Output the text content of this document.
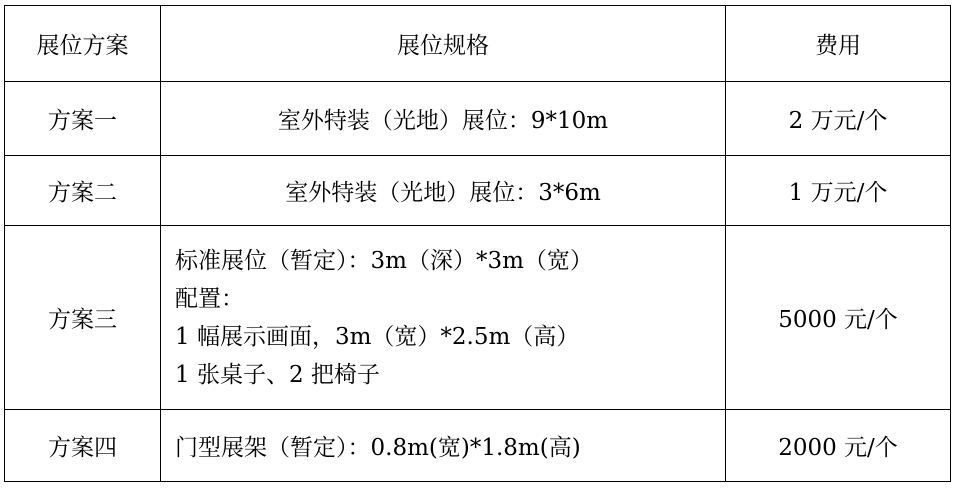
展位方案	展位规格	费用
方案一	室外特装（光地）展位：9*10m	2 万元/个
方案二	室外特装（光地）展位：3*6m	1 万元/个
方案三	标准展位（暂定）：3m（深）*3m（宽）
配置：
1 幅展示画面，3m（宽）*2.5m（高）
1 张桌子、2 把椅子	5000 元/个
方案四	门型展架（暂定）：0.8m(宽)*1.8m(高)	2000 元/个
